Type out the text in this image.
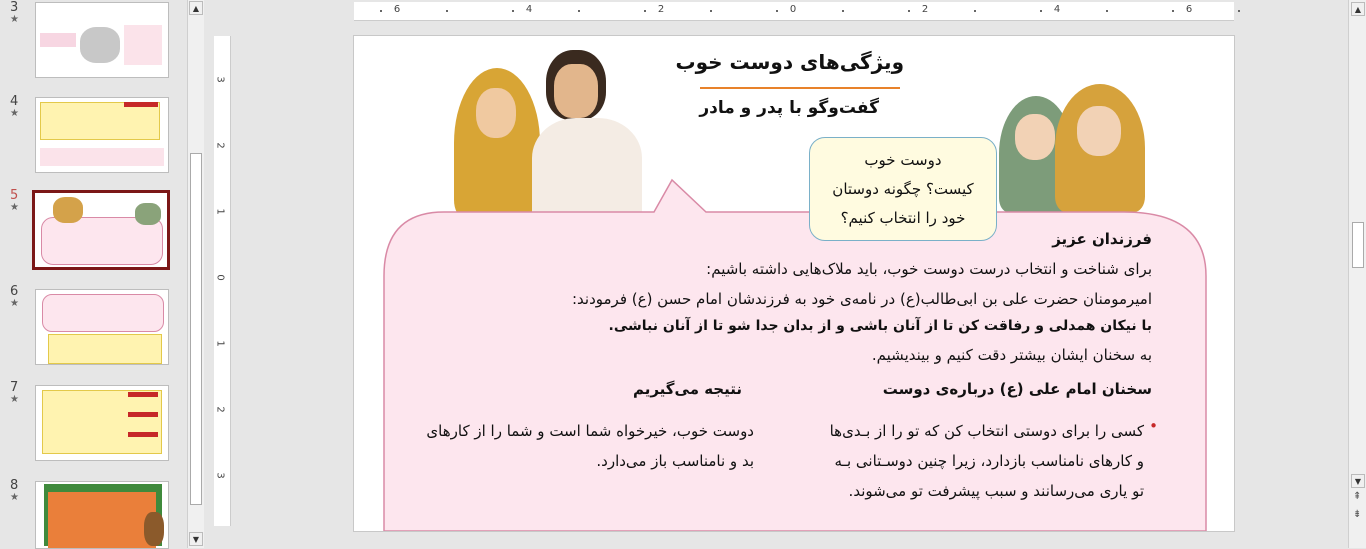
3
★
4
★
5
★
6
★
7
★
8
★
▲
▼
6	4	2	0	2	4	6
3
2
1
0
1
2
3
ویژگی‌های دوست خوب
گفت‌وگو با پدر و مادر
دوست خوب
کیست؟ چگونه دوستان
خود را انتخاب کنیم؟
فرزندان عزیز
برای شناخت و انتخاب درست دوست خوب، باید ملاک‌هایی داشته باشیم:
امیرمومنان حضرت علی بن ابی‌طالب(ع) در نامه‌ی خود به فرزندشان امام حسن (ع) فرمودند:
با نیکان همدلی و رفاقت کن تا از آنان باشی و از بدان جدا شو تا از آنان نباشی.
به سخنان ایشان بیشتر دقت کنیم و بیندیشیم.
سخنان امام علی (ع) درباره‌ی دوست
•
کسی را برای دوستی انتخاب کن که تو را از بـدی‌ها
و کارهای نامناسب بازدارد، زیرا چنین دوسـتانی بـه
تو یاری می‌رسانند و سبب پیشرفت تو می‌شوند.
نتیجه می‌گیریم
دوست خوب، خیرخواه شما است و شما را از کارهای
بد و نامناسب باز می‌دارد.
▲
▼
⇞
⇟
